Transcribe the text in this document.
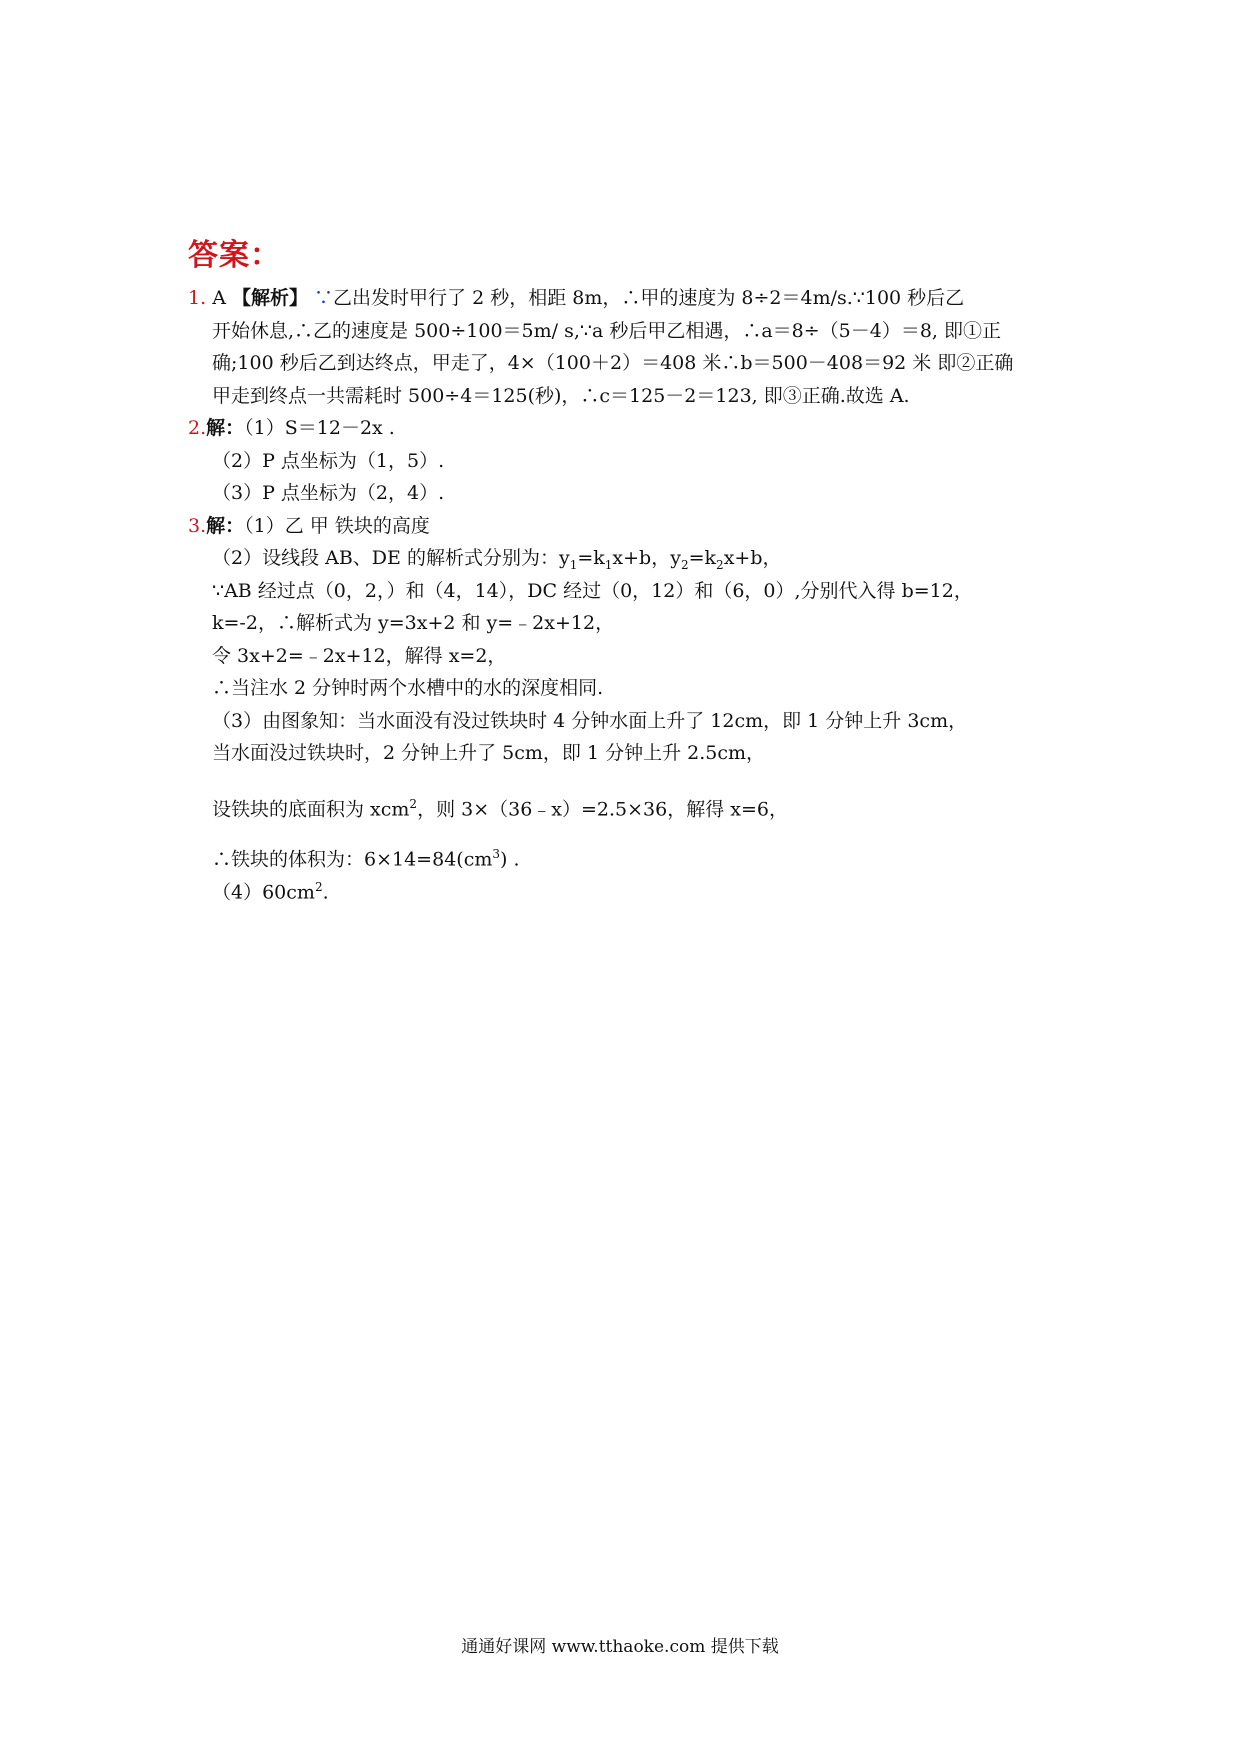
答案：
1. A 【解析】 ∵乙出发时甲行了 2 秒，相距 8m，∴甲的速度为 8÷2＝4m/s.∵100 秒后乙
开始休息,∴乙的速度是 500÷100＝5m/ s,∵a 秒后甲乙相遇，∴a＝8÷（5－4）＝8, 即①正
确;100 秒后乙到达终点，甲走了，4×（100＋2）＝408 米∴b＝500－408＝92 米 即②正确
甲走到终点一共需耗时 500÷4＝125(秒)，∴c＝125－2＝123, 即③正确.故选 A.
2.解：（1）S＝12－2x .
（2）P 点坐标为（1，5）.
（3）P 点坐标为（2，4）.
3.解：（1）乙 甲 铁块的高度
（2）设线段 AB、DE 的解析式分别为：$y_1=k_1x+b$，$y_2=k_2x+b$，
∵AB 经过点（0，2，）和（4，14），DC 经过（0，12）和（6，0）,分别代入得 b=12，
k=-2，∴解析式为 y=3x+2 和 y=﹣2x+12，
令 3x+2=﹣2x+12，解得 x=2，
∴当注水 2 分钟时两个水槽中的水的深度相同.
（3）由图象知：当水面没有没过铁块时 4 分钟水面上升了 12cm，即 1 分钟上升 3cm，
当水面没过铁块时，2 分钟上升了 5cm，即 1 分钟上升 2.5cm，
设铁块的底面积为 xcm$^2$，则 3×（36﹣x）=2.5×36，解得 x=6，
∴铁块的体积为：$6\times 14=84(cm^3)$ .
$(4)60cm^2$.
通通好课网 www.tthaoke.com 提供下载
